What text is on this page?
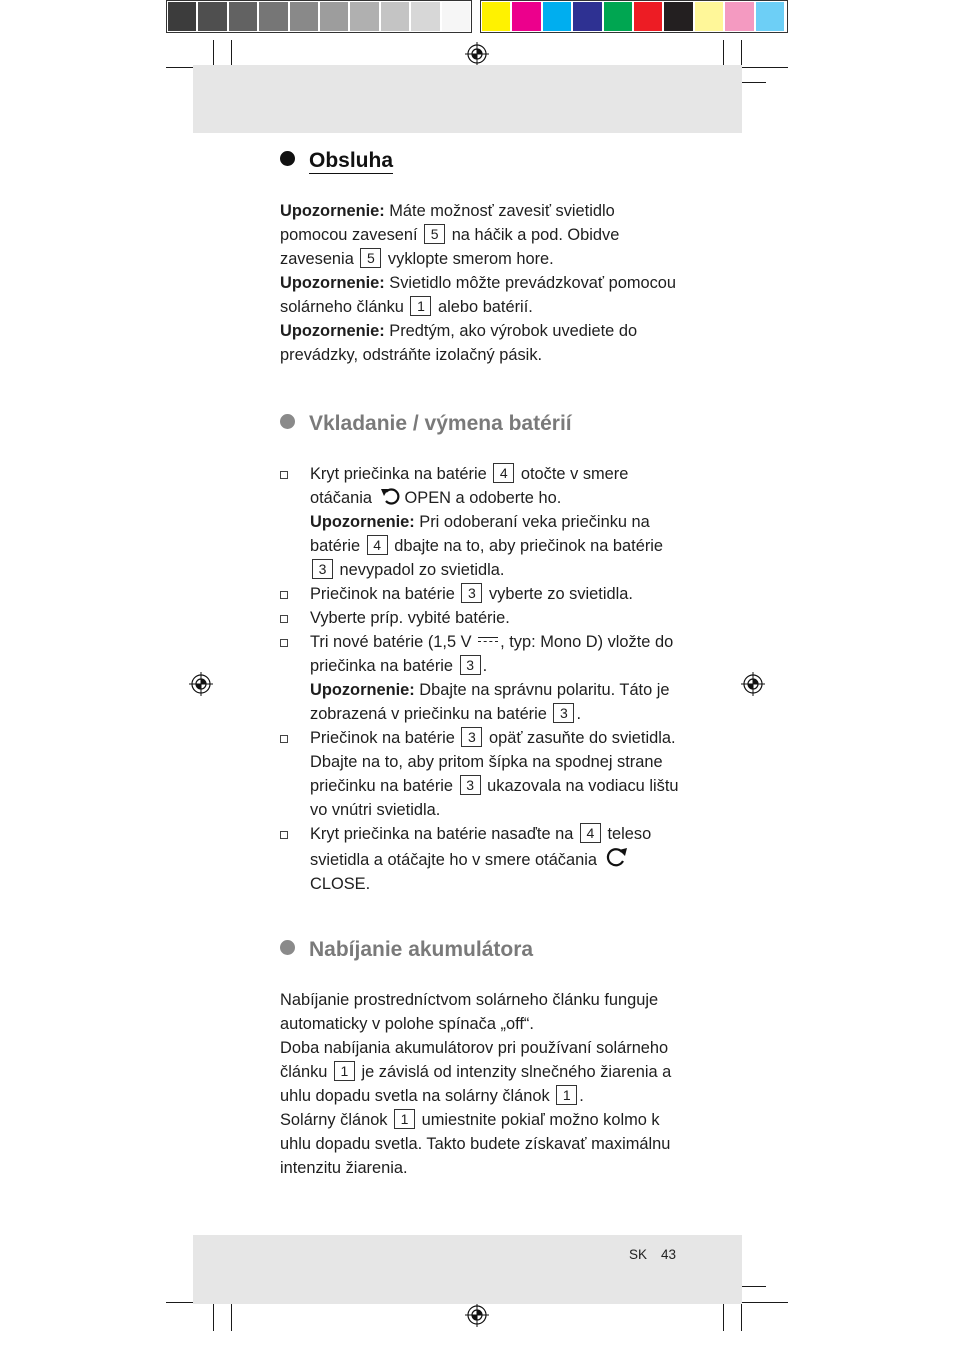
Obsluha

Upozornenie: Máte možnosť zavesiť svietidlo pomocou zavesení 5 na háčik a pod. Obidve zavesenia 5 vyklopte smerom hore.

Upozornenie: Svietidlo môžte prevádzkovať pomocou solárneho článku 1 alebo batérií.

Upozornenie: Predtým, ako výrobok uvediete do prevádzky, odstráňte izolačný pásik.

Vkladanie / výmena batérií
Kryt priečinka na batérie 4 otočte v smere otáčania OPEN a odoberte ho.
Upozornenie: Pri odoberaní veka priečinku na batérie 4 dbajte na to, aby priečinok na batérie 3 nevypadol zo svietidla.
Priečinok na batérie 3 vyberte zo svietidla.
Vyberte príp. vybité batérie.
Tri nové batérie (1,5 V , typ: Mono D) vložte do priečinka na batérie 3 .
Upozornenie: Dbajte na správnu polaritu. Táto je zobrazená v priečinku na batérie 3 .
Priečinok na batérie 3 opäť zasuňte do svietidla. Dbajte na to, aby pritom šípka na spodnej strane priečinku na batérie 3 ukazovala na vodiacu lištu vo vnútri svietidla.
Kryt priečinka na batérie nasaďte na 4 teleso svietidla a otáčajte ho v smere otáčania
CLOSE.
Nabíjanie akumulátora

Nabíjanie prostredníctvom solárneho článku funguje automaticky v polohe spínača „off“.

Doba nabíjania akumulátorov pri používaní solárneho článku 1 je závislá od intenzity slnečného žiarenia a uhlu dopadu svetla na solárny článok 1 .

Solárny článok 1 umiestnite pokiaľ možno kolmo k uhlu dopadu svetla. Takto budete získavať maximálnu intenzitu žiarenia.

SK 43
